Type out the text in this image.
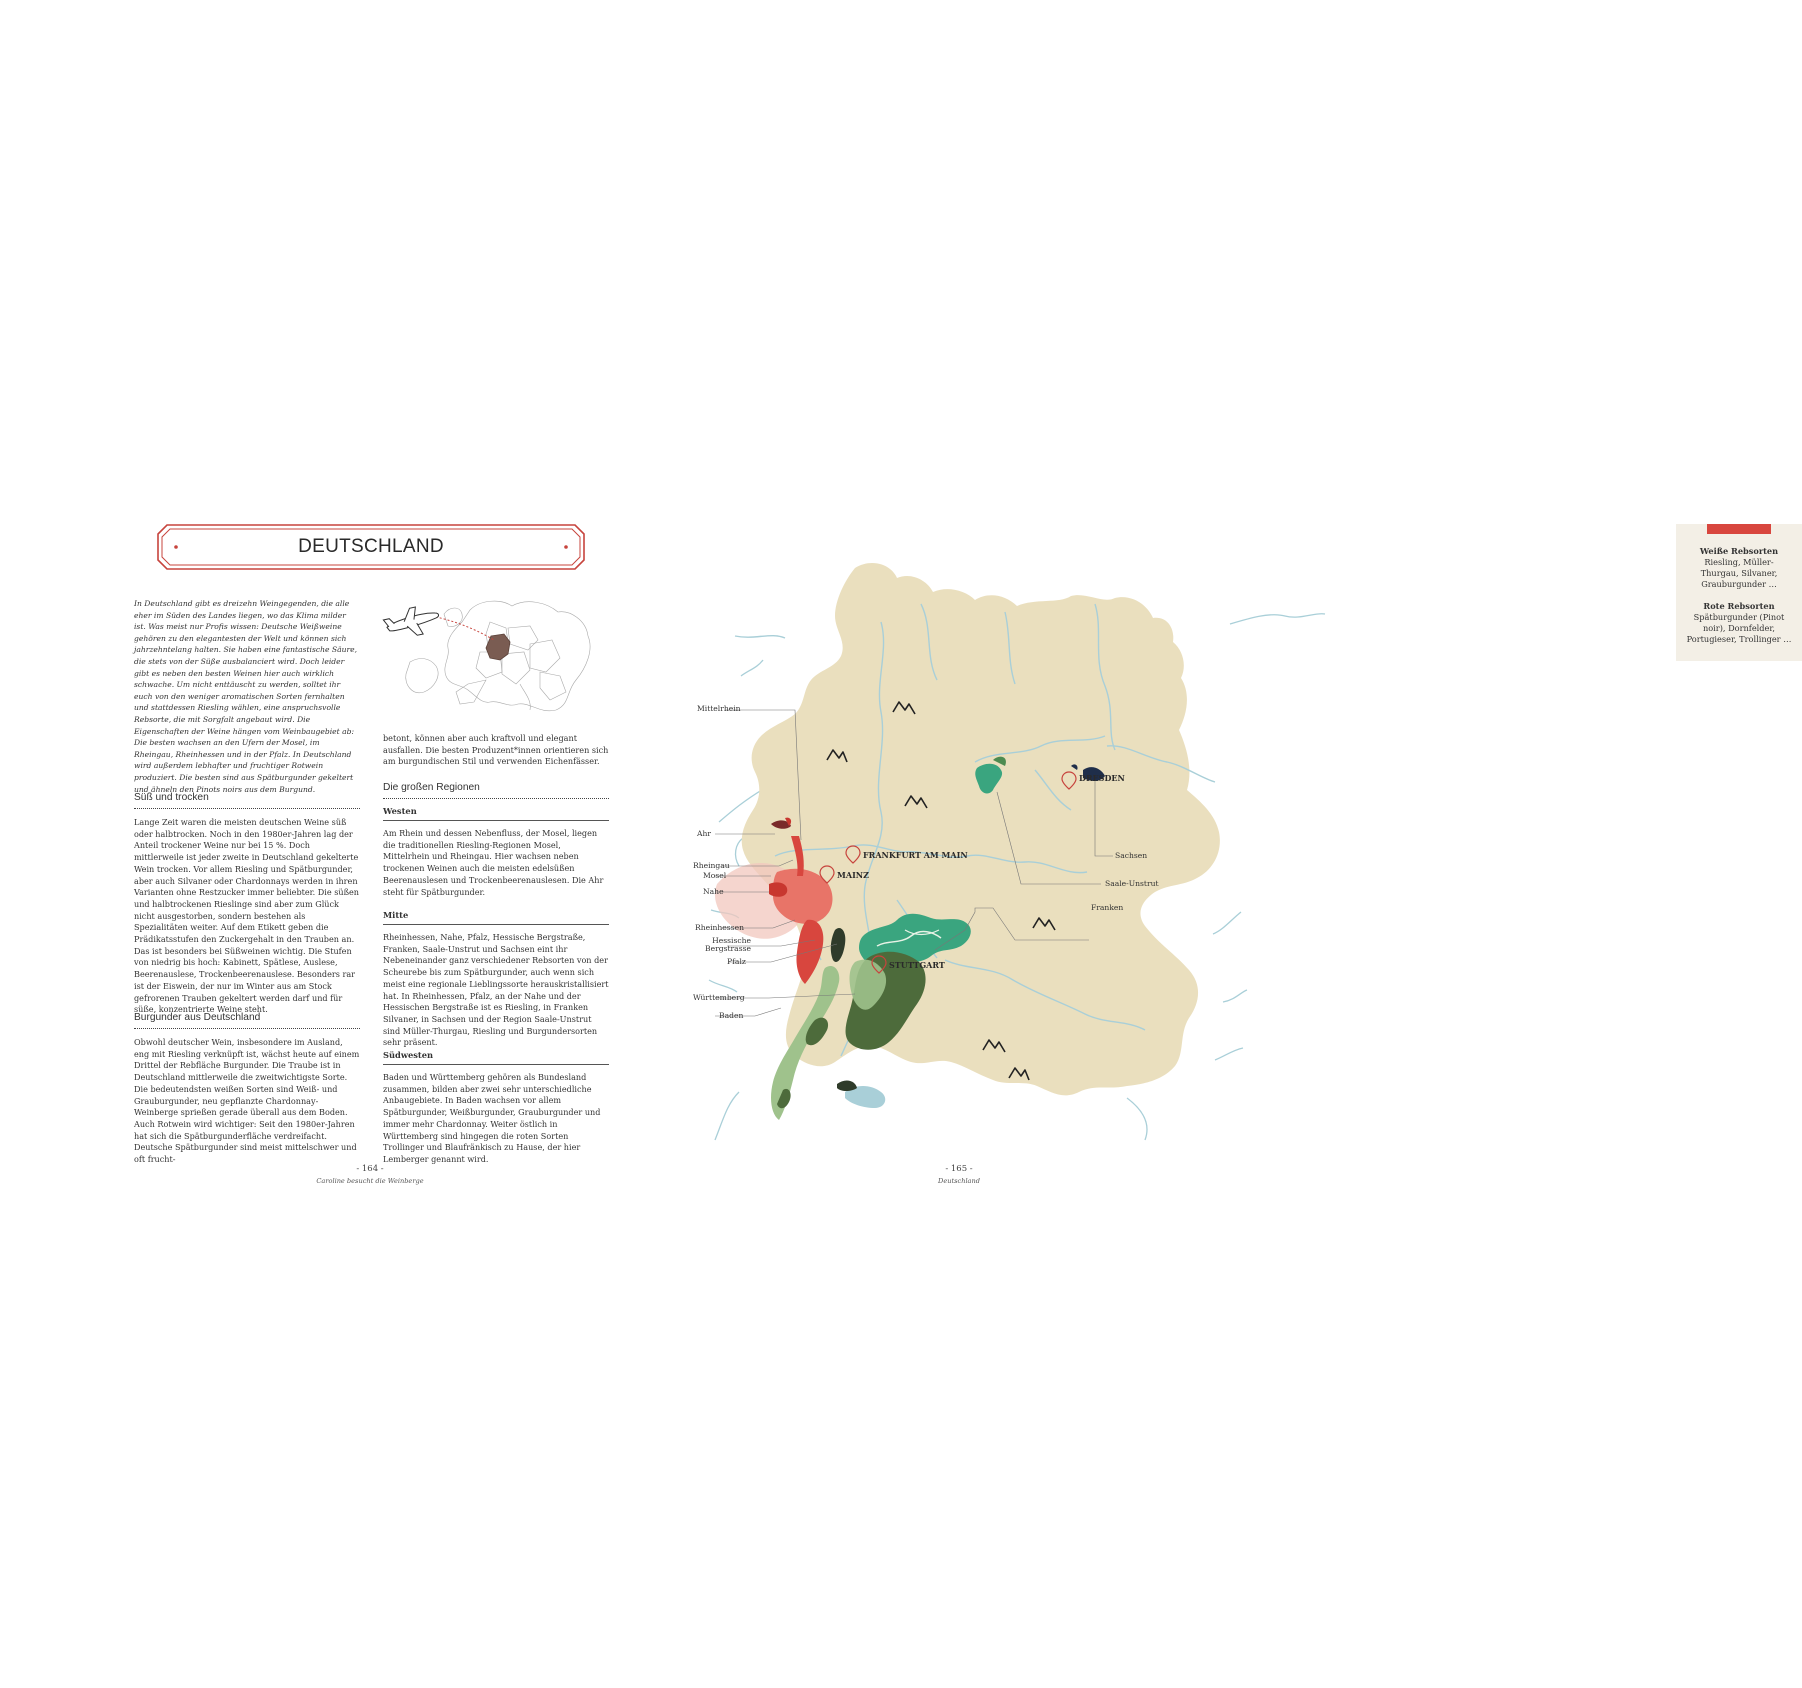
DEUTSCHLAND
In Deutschland gibt es dreizehn Weingegenden, die alle eher im Süden des Landes liegen, wo das Klima milder ist. Was meist nur Profis wissen: Deutsche Weißweine gehören zu den elegantesten der Welt und können sich jahrzehntelang halten. Sie haben eine fantastische Säure, die stets von der Süße ausbalanciert wird. Doch leider gibt es neben den besten Weinen hier auch wirklich schwache. Um nicht enttäuscht zu werden, solltet ihr euch von den weniger aromatischen Sorten fernhalten und stattdessen Riesling wählen, eine anspruchsvolle Rebsorte, die mit Sorgfalt angebaut wird. Die Eigenschaften der Weine hängen vom Weinbaugebiet ab: Die besten wachsen an den Ufern der Mosel, im Rheingau, Rheinhessen und in der Pfalz. In Deutschland wird außerdem lebhafter und fruchtiger Rotwein produziert. Die besten sind aus Spätburgunder gekeltert und ähneln den Pinots noirs aus dem Burgund.
Süß und trocken
Lange Zeit waren die meisten deutschen Weine süß oder halbtrocken. Noch in den 1980er-Jahren lag der Anteil trockener Weine nur bei 15 %. Doch mittlerweile ist jeder zweite in Deutschland gekelterte Wein trocken. Vor allem Riesling und Spätburgunder, aber auch Silvaner oder Chardonnays werden in ihren Varianten ohne Restzucker immer beliebter. Die süßen und halbtrockenen Rieslinge sind aber zum Glück nicht ausgestorben, sondern bestehen als Spezialitäten weiter. Auf dem Etikett geben die Prädikatsstufen den Zuckergehalt in den Trauben an. Das ist besonders bei Süßweinen wichtig. Die Stufen von niedrig bis hoch: Kabinett, Spätlese, Auslese, Beerenauslese, Trockenbeerenauslese. Besonders rar ist der Eiswein, der nur im Winter aus am Stock gefrorenen Trauben gekeltert werden darf und für süße, konzentrierte Weine steht.
Burgunder aus Deutschland
Obwohl deutscher Wein, insbesondere im Ausland, eng mit Riesling verknüpft ist, wächst heute auf einem Drittel der Rebfläche Burgunder. Die Traube ist in Deutschland mittlerweile die zweitwichtigste Sorte. Die bedeutendsten weißen Sorten sind Weiß- und Grauburgunder, neu gepflanzte Chardonnay-Weinberge sprießen gerade überall aus dem Boden. Auch Rotwein wird wichtiger: Seit den 1980er-Jahren hat sich die Spätburgunderfläche verdreifacht. Deutsche Spätburgunder sind meist mittelschwer und oft frucht-
betont, können aber auch kraftvoll und elegant ausfallen. Die besten Produzent*innen orientieren sich am burgundischen Stil und verwenden Eichenfässer.
Die großen Regionen
Westen
Am Rhein und dessen Nebenfluss, der Mosel, liegen die traditionellen Riesling-Regionen Mosel, Mittelrhein und Rheingau. Hier wachsen neben trockenen Weinen auch die meisten edelsüßen Beerenauslesen und Trockenbeerenauslesen. Die Ahr steht für Spätburgunder.
Mitte
Rheinhessen, Nahe, Pfalz, Hessische Bergstraße, Franken, Saale-Unstrut und Sachsen eint ihr Nebeneinander ganz verschiedener Rebsorten von der Scheurebe bis zum Spätburgunder, auch wenn sich meist eine regionale Lieblingssorte herauskristallisiert hat. In Rheinhessen, Pfalz, an der Nahe und der Hessischen Bergstraße ist es Riesling, in Franken Silvaner, in Sachsen und der Region Saale-Unstrut sind Müller-Thurgau, Riesling und Burgundersorten sehr präsent.
Südwesten
Baden und Württemberg gehören als Bundesland zusammen, bilden aber zwei sehr unterschiedliche Anbaugebiete. In Baden wachsen vor allem Spätburgunder, Weißburgunder, Grauburgunder und immer mehr Chardonnay. Weiter östlich in Württemberg sind hingegen die roten Sorten Trollinger und Blaufränkisch zu Hause, der hier Lemberger genannt wird.
- 164 -
Caroline besucht die Weinberge
Weiße Rebsorten
Riesling, Müller-Thurgau, Silvaner, Grauburgunder …
Rote Rebsorten
Spätburgunder (Pinot noir), Dornfelder, Portugieser, Trollinger …
Mittelrhein
Ahr
Rheingau
Mosel
Nahe
Rheinhessen
Hessische Bergstrasse
Pfalz
Württemberg
Baden
Sachsen
Saale-Unstrut
Franken
FRANKFURT AM MAIN
MAINZ
STUTTGART
DRESDEN
- 165 -
Deutschland
